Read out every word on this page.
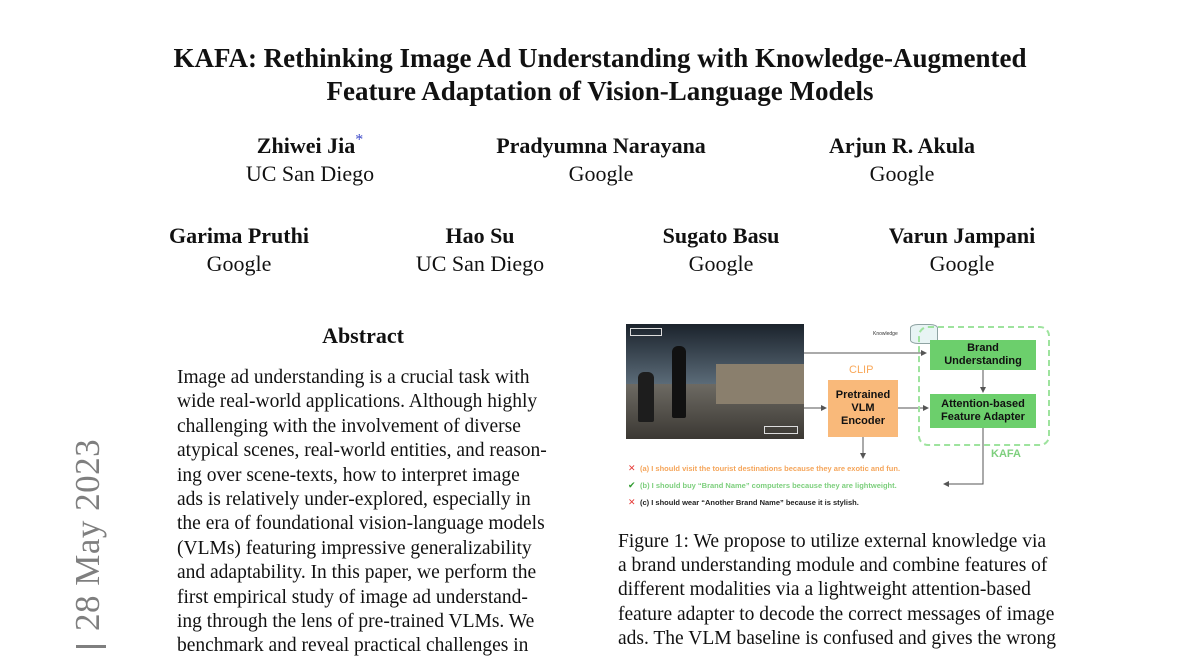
KAFA: Rethinking Image Ad Understanding with Knowledge-Augmented
Feature Adaptation of Vision-Language Models
Zhiwei Jia*
UC San Diego
Pradyumna Narayana
Google
Arjun R. Akula
Google
Garima Pruthi
Google
Hao Su
UC San Diego
Sugato Basu
Google
Varun Jampani
Google
28 May 2023
Abstract
Image ad understanding is a crucial task with
wide real-world applications. Although highly
challenging with the involvement of diverse
atypical scenes, real-world entities, and reason-
ing over scene-texts, how to interpret image
ads is relatively under-explored, especially in
the era of foundational vision-language models
(VLMs) featuring impressive generalizability
and adaptability. In this paper, we perform the
first empirical study of image ad understand-
ing through the lens of pre-trained VLMs. We
benchmark and reveal practical challenges in
Knowledge
CLIP
Pretrained VLM Encoder
Brand Understanding
Attention-based Feature Adapter
KAFA
✕ (a) I should visit the tourist destinations because they are exotic and fun.
✔ (b) I should buy “Brand Name” computers because they are lightweight.
✕ (c) I should wear “Another Brand Name” because it is stylish.
Figure 1: We propose to utilize external knowledge via
a brand understanding module and combine features of
different modalities via a lightweight attention-based
feature adapter to decode the correct messages of image
ads. The VLM baseline is confused and gives the wrong
